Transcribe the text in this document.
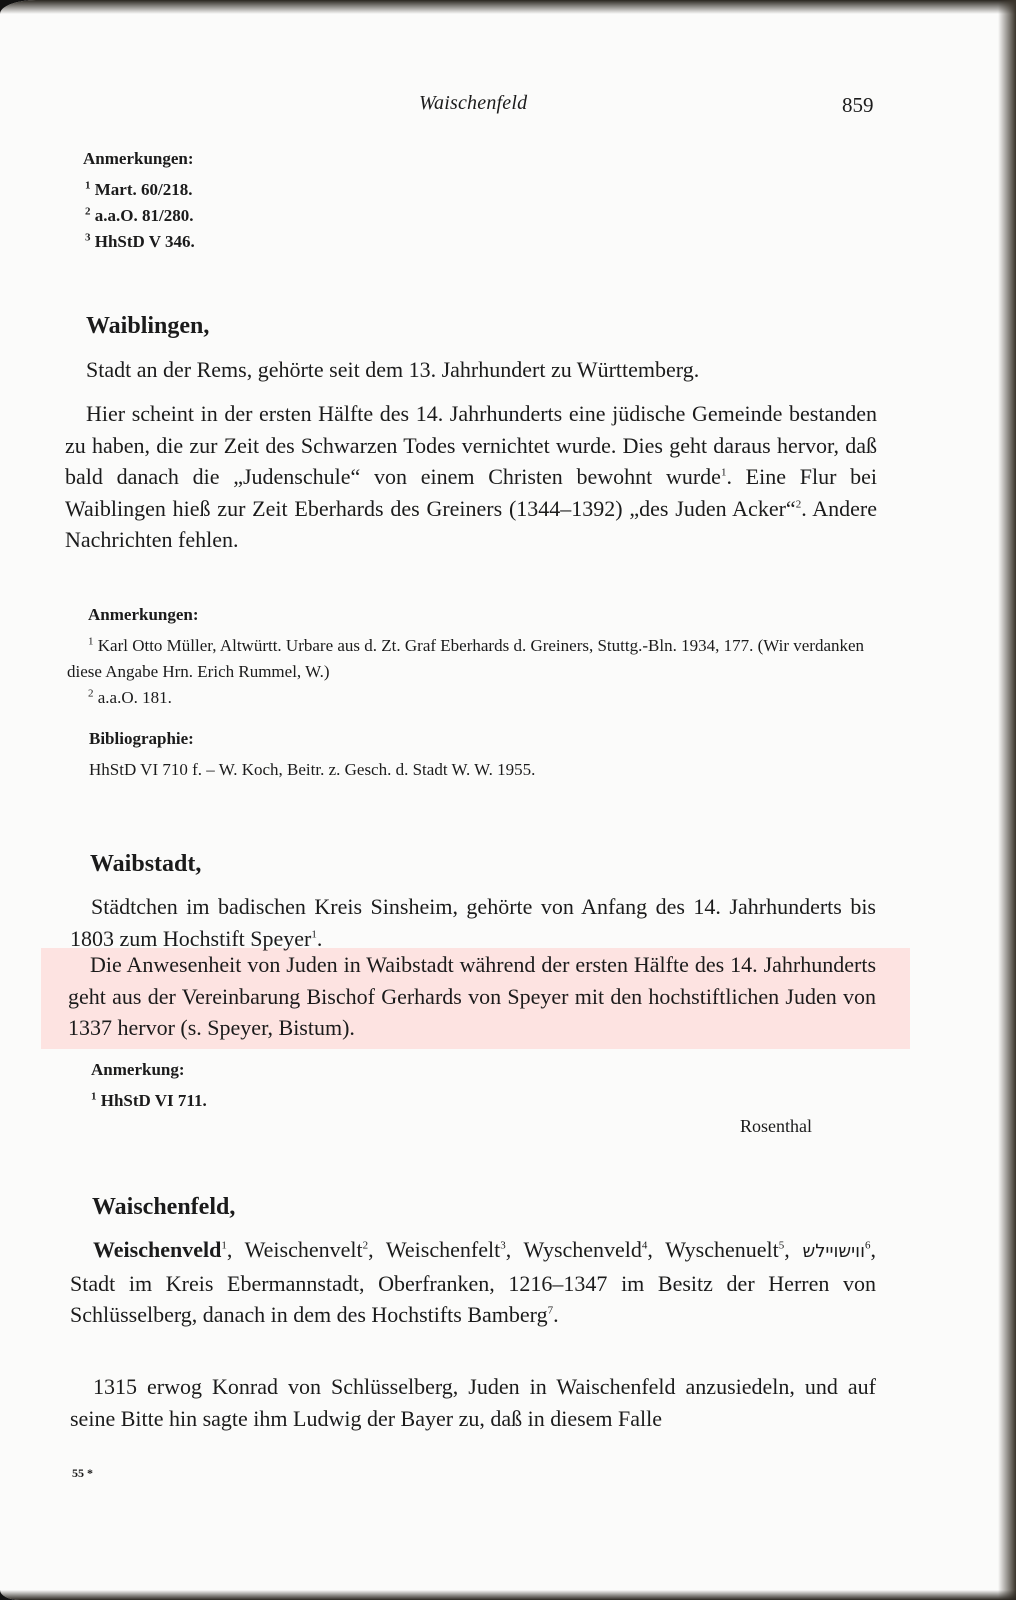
Waischenfeld	859
Anmerkungen:
$^1$ Mart. 60/218.
$^2$ a.a.O. 81/280.
$^3$ HhStD V 346.
Waiblingen,
Stadt an der Rems, gehörte seit dem 13. Jahrhundert zu Württemberg.
Hier scheint in der ersten Hälfte des 14. Jahrhunderts eine jüdische Gemeinde bestanden zu haben, die zur Zeit des Schwarzen Todes vernichtet wurde. Dies geht daraus hervor, daß bald danach die „Judenschule“ von einem Christen bewohnt wurde$^1$. Eine Flur bei Waiblingen hieß zur Zeit Eberhards des Greiners (1344–1392) „des Juden Acker“$^2$. Andere Nachrichten fehlen.
Anmerkungen:
$^1$ Karl Otto Müller, Altwürtt. Urbare aus d. Zt. Graf Eberhards d. Greiners, Stuttg.-Bln. 1934, 177. (Wir verdanken diese Angabe Hrn. Erich Rummel, W.)
$^2$ a.a.O. 181.
Bibliographie:
HhStD VI 710 f. – W. Koch, Beitr. z. Gesch. d. Stadt W. W. 1955.
Waibstadt,
Städtchen im badischen Kreis Sinsheim, gehörte von Anfang des 14. Jahrhunderts bis 1803 zum Hochstift Speyer$^1$.
Die Anwesenheit von Juden in Waibstadt während der ersten Hälfte des 14. Jahrhunderts geht aus der Vereinbarung Bischof Gerhards von Speyer mit den hochstiftlichen Juden von 1337 hervor (s. Speyer, Bistum).
Anmerkung:
$^1$ HhStD VI 711.
Rosenthal
Waischenfeld,
Weischenveld$^1$, Weischenvelt$^2$, Weischenfelt$^3$, Wyschenveld$^4$, Wyschenuelt$^5$, ווישויילש$^6$, Stadt im Kreis Ebermannstadt, Oberfranken, 1216–1347 im Besitz der Herren von Schlüsselberg, danach in dem des Hochstifts Bamberg$^7$.
1315 erwog Konrad von Schlüsselberg, Juden in Waischenfeld anzusiedeln, und auf seine Bitte hin sagte ihm Ludwig der Bayer zu, daß in diesem Falle
55 *
